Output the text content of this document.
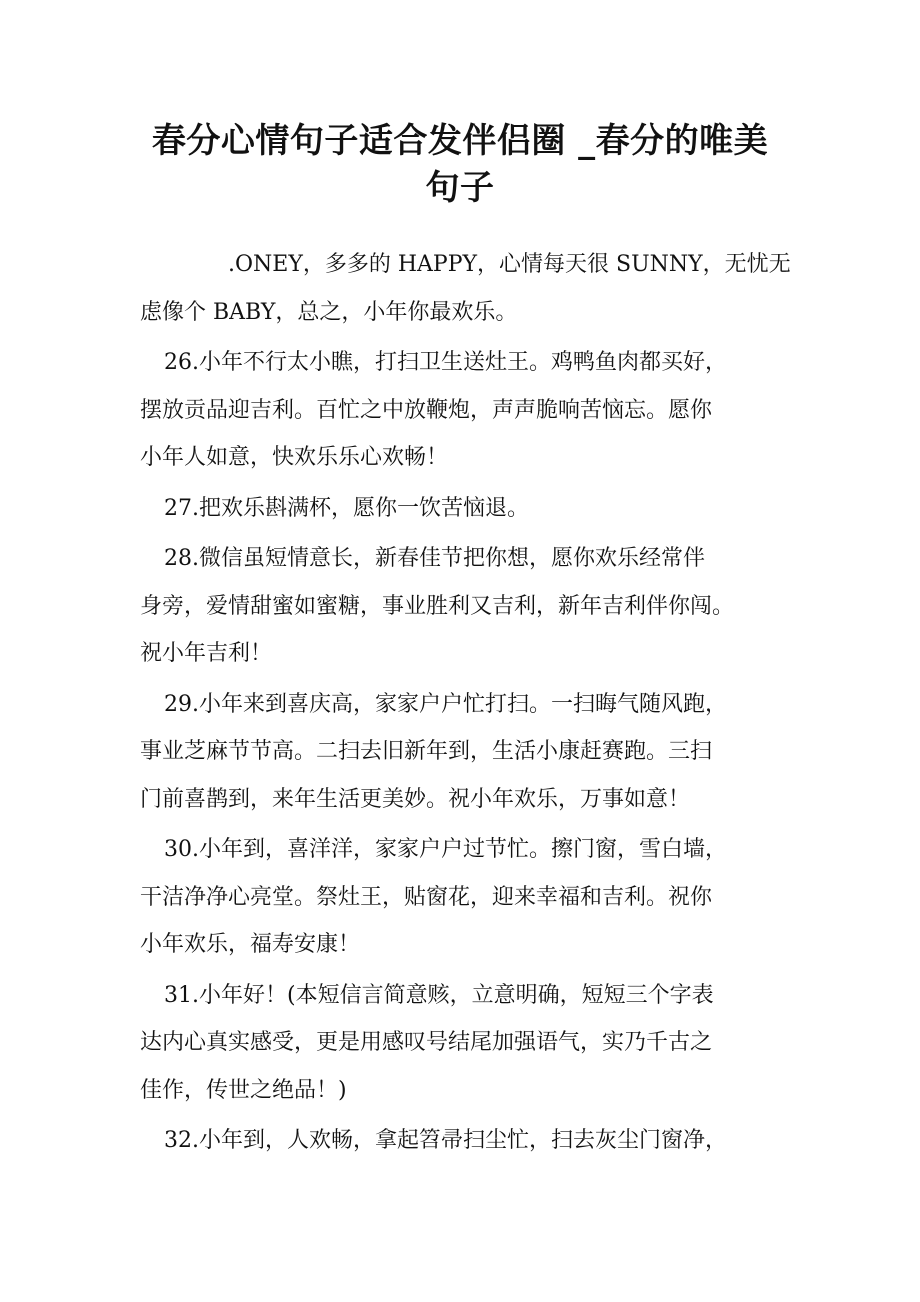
春分心情句子适合发伴侣圈 _春分的唯美
句子

.ONEY，多多的 HAPPY，心情每天很 SUNNY，无忧无
虑像个 BABY，总之，小年你最欢乐。

26.小年不行太小瞧，打扫卫生送灶王。鸡鸭鱼肉都买好，
摆放贡品迎吉利。百忙之中放鞭炮，声声脆响苦恼忘。愿你
小年人如意，快欢乐乐心欢畅！

27.把欢乐斟满杯，愿你一饮苦恼退。

28.微信虽短情意长，新春佳节把你想，愿你欢乐经常伴
身旁，爱情甜蜜如蜜糖，事业胜利又吉利，新年吉利伴你闯。
祝小年吉利！

29.小年来到喜庆高，家家户户忙打扫。一扫晦气随风跑，
事业芝麻节节高。二扫去旧新年到，生活小康赶赛跑。三扫
门前喜鹊到，来年生活更美妙。祝小年欢乐，万事如意！

30.小年到，喜洋洋，家家户户过节忙。擦门窗，雪白墙，
干洁净净心亮堂。祭灶王，贴窗花，迎来幸福和吉利。祝你
小年欢乐，福寿安康！

31.小年好！(本短信言简意赅，立意明确，短短三个字表
达内心真实感受，更是用感叹号结尾加强语气，实乃千古之
佳作，传世之绝品！)

32.小年到，人欢畅，拿起笤帚扫尘忙，扫去灰尘门窗净，
